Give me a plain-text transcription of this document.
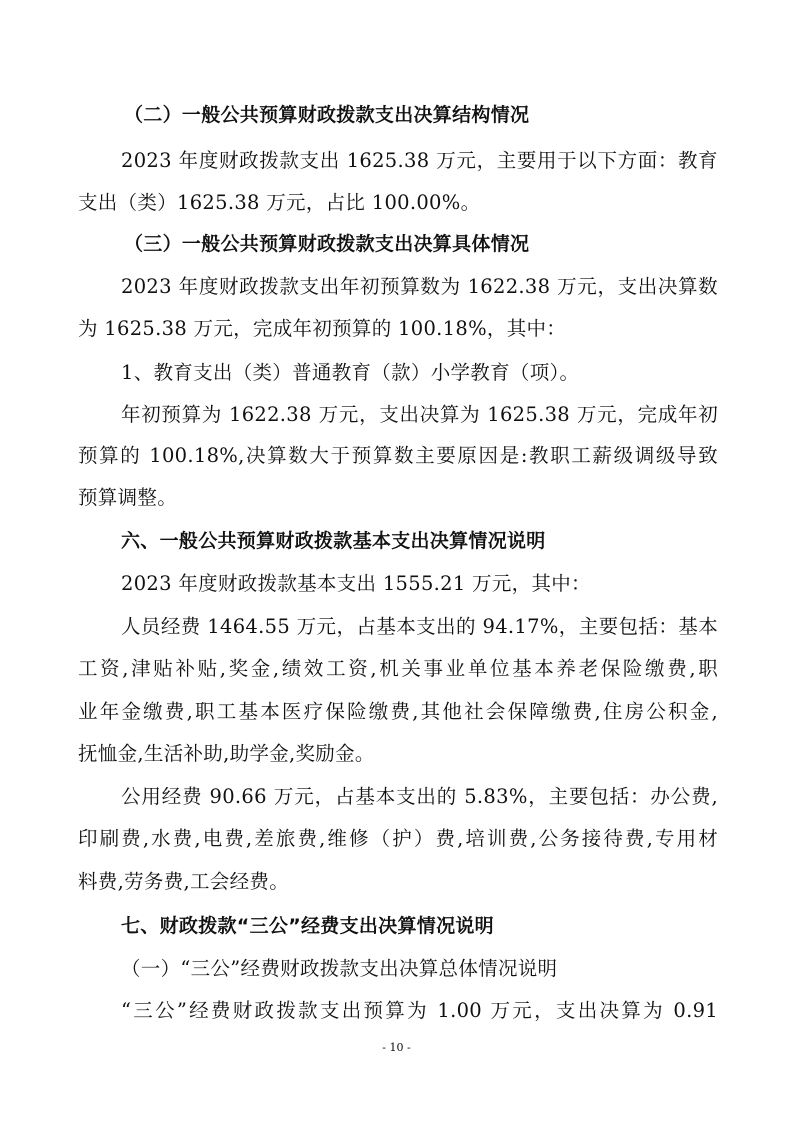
（二）一般公共预算财政拨款支出决算结构情况
2023 年度财政拨款支出 1625.38 万元，主要用于以下方面：教育
支出（类）1625.38 万元，占比 100.00%。
（三）一般公共预算财政拨款支出决算具体情况
2023 年度财政拨款支出年初预算数为 1622.38 万元，支出决算数
为 1625.38 万元，完成年初预算的 100.18%，其中：
1、教育支出（类）普通教育（款）小学教育（项）。
年初预算为 1622.38 万元，支出决算为 1625.38 万元，完成年初
预算的 100.18%,决算数大于预算数主要原因是:教职工薪级调级导致
预算调整。
六、一般公共预算财政拨款基本支出决算情况说明
2023 年度财政拨款基本支出 1555.21 万元，其中：
人员经费 1464.55 万元，占基本支出的 94.17%，主要包括：基本
工资,津贴补贴,奖金,绩效工资,机关事业单位基本养老保险缴费,职
业年金缴费,职工基本医疗保险缴费,其他社会保障缴费,住房公积金,
抚恤金,生活补助,助学金,奖励金。
公用经费 90.66 万元，占基本支出的 5.83%，主要包括：办公费,
印刷费,水费,电费,差旅费,维修（护）费,培训费,公务接待费,专用材
料费,劳务费,工会经费。
七、财政拨款“三公”经费支出决算情况说明
（一）“三公”经费财政拨款支出决算总体情况说明
“三公”经费财政拨款支出预算为 1.00 万元，支出决算为 0.91
- 10 -
